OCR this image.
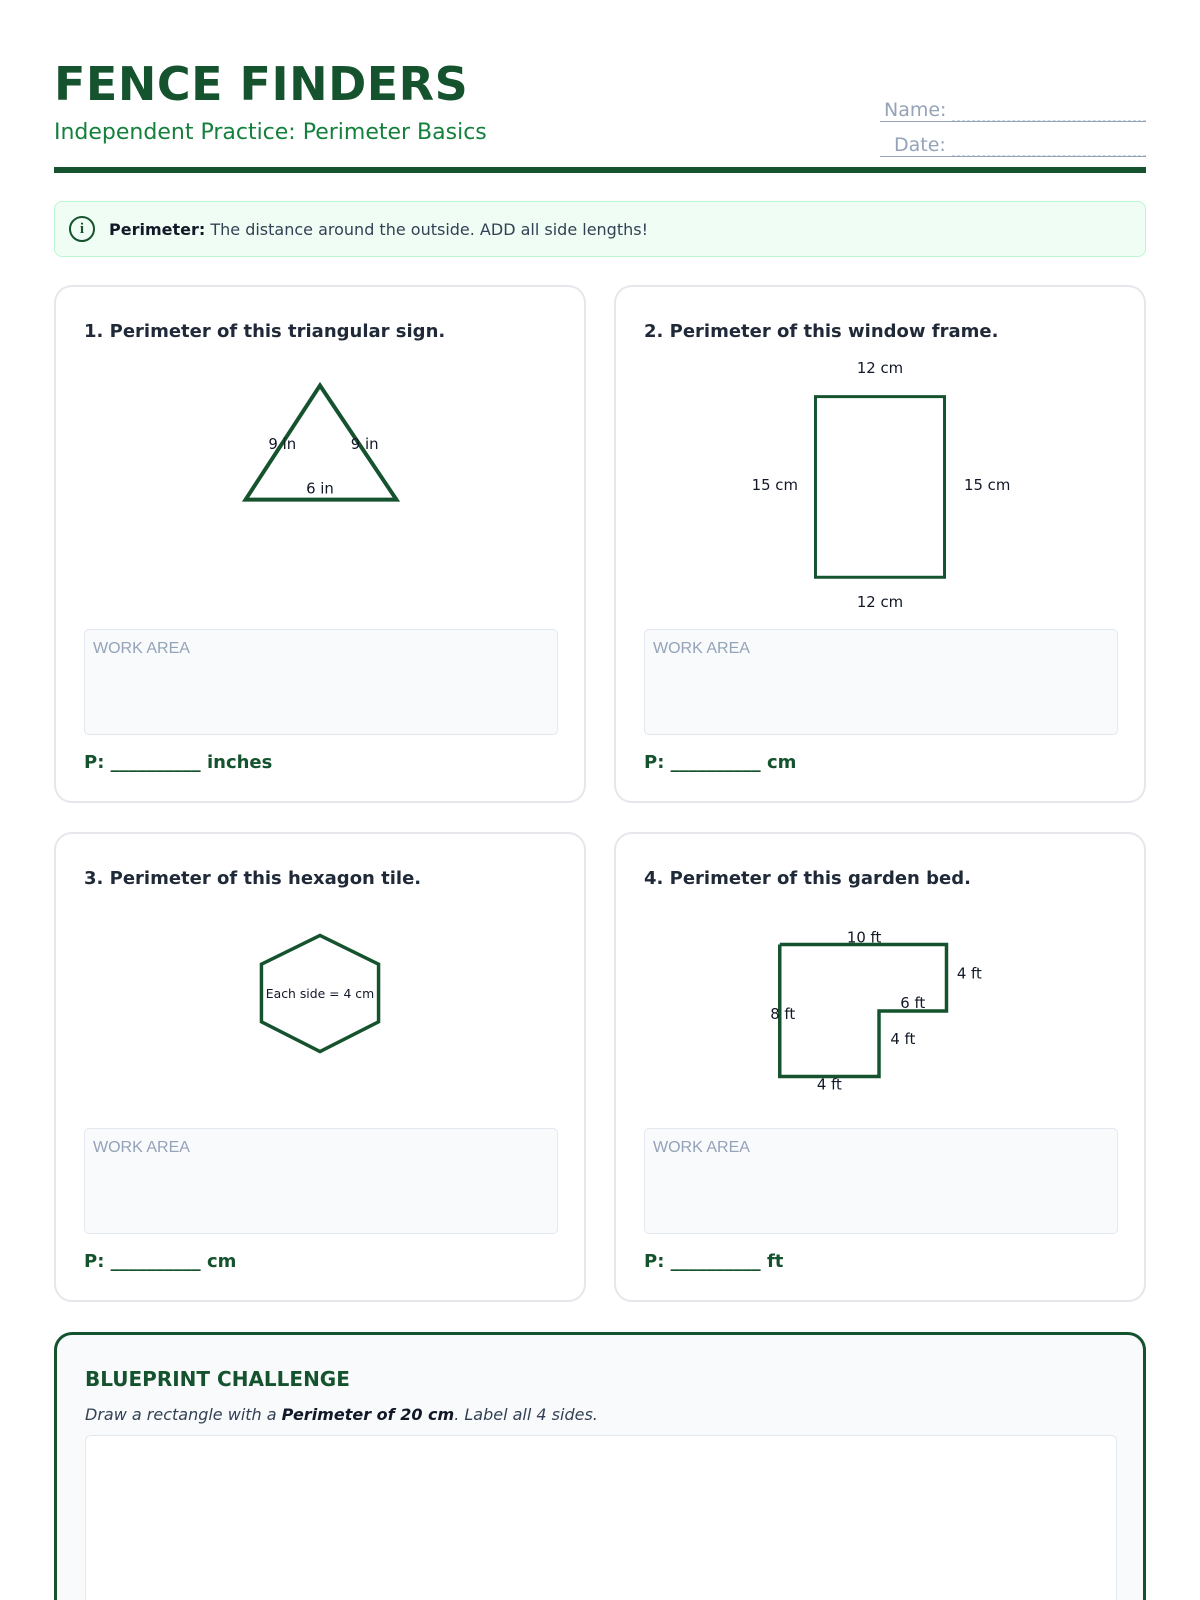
FENCE FINDERS
Independent Practice: Perimeter Basics
Name:
Date:
i	Perimeter: The distance around the outside. ADD all side lengths!
1. Perimeter of this triangular sign.
9 in	9 in
6 in
WORK AREA
P: __________ inches
2. Perimeter of this window frame.
12 cm
15 cm	15 cm
12 cm
WORK AREA
P: __________ cm
3. Perimeter of this hexagon tile.
Each side = 4 cm
WORK AREA
P: __________ cm
4. Perimeter of this garden bed.
10 ft
4 ft
6 ft
8 ft
4 ft
4 ft
WORK AREA
P: __________ ft
BLUEPRINT CHALLENGE
Draw a rectangle with a Perimeter of 20 cm. Label all 4 sides.
